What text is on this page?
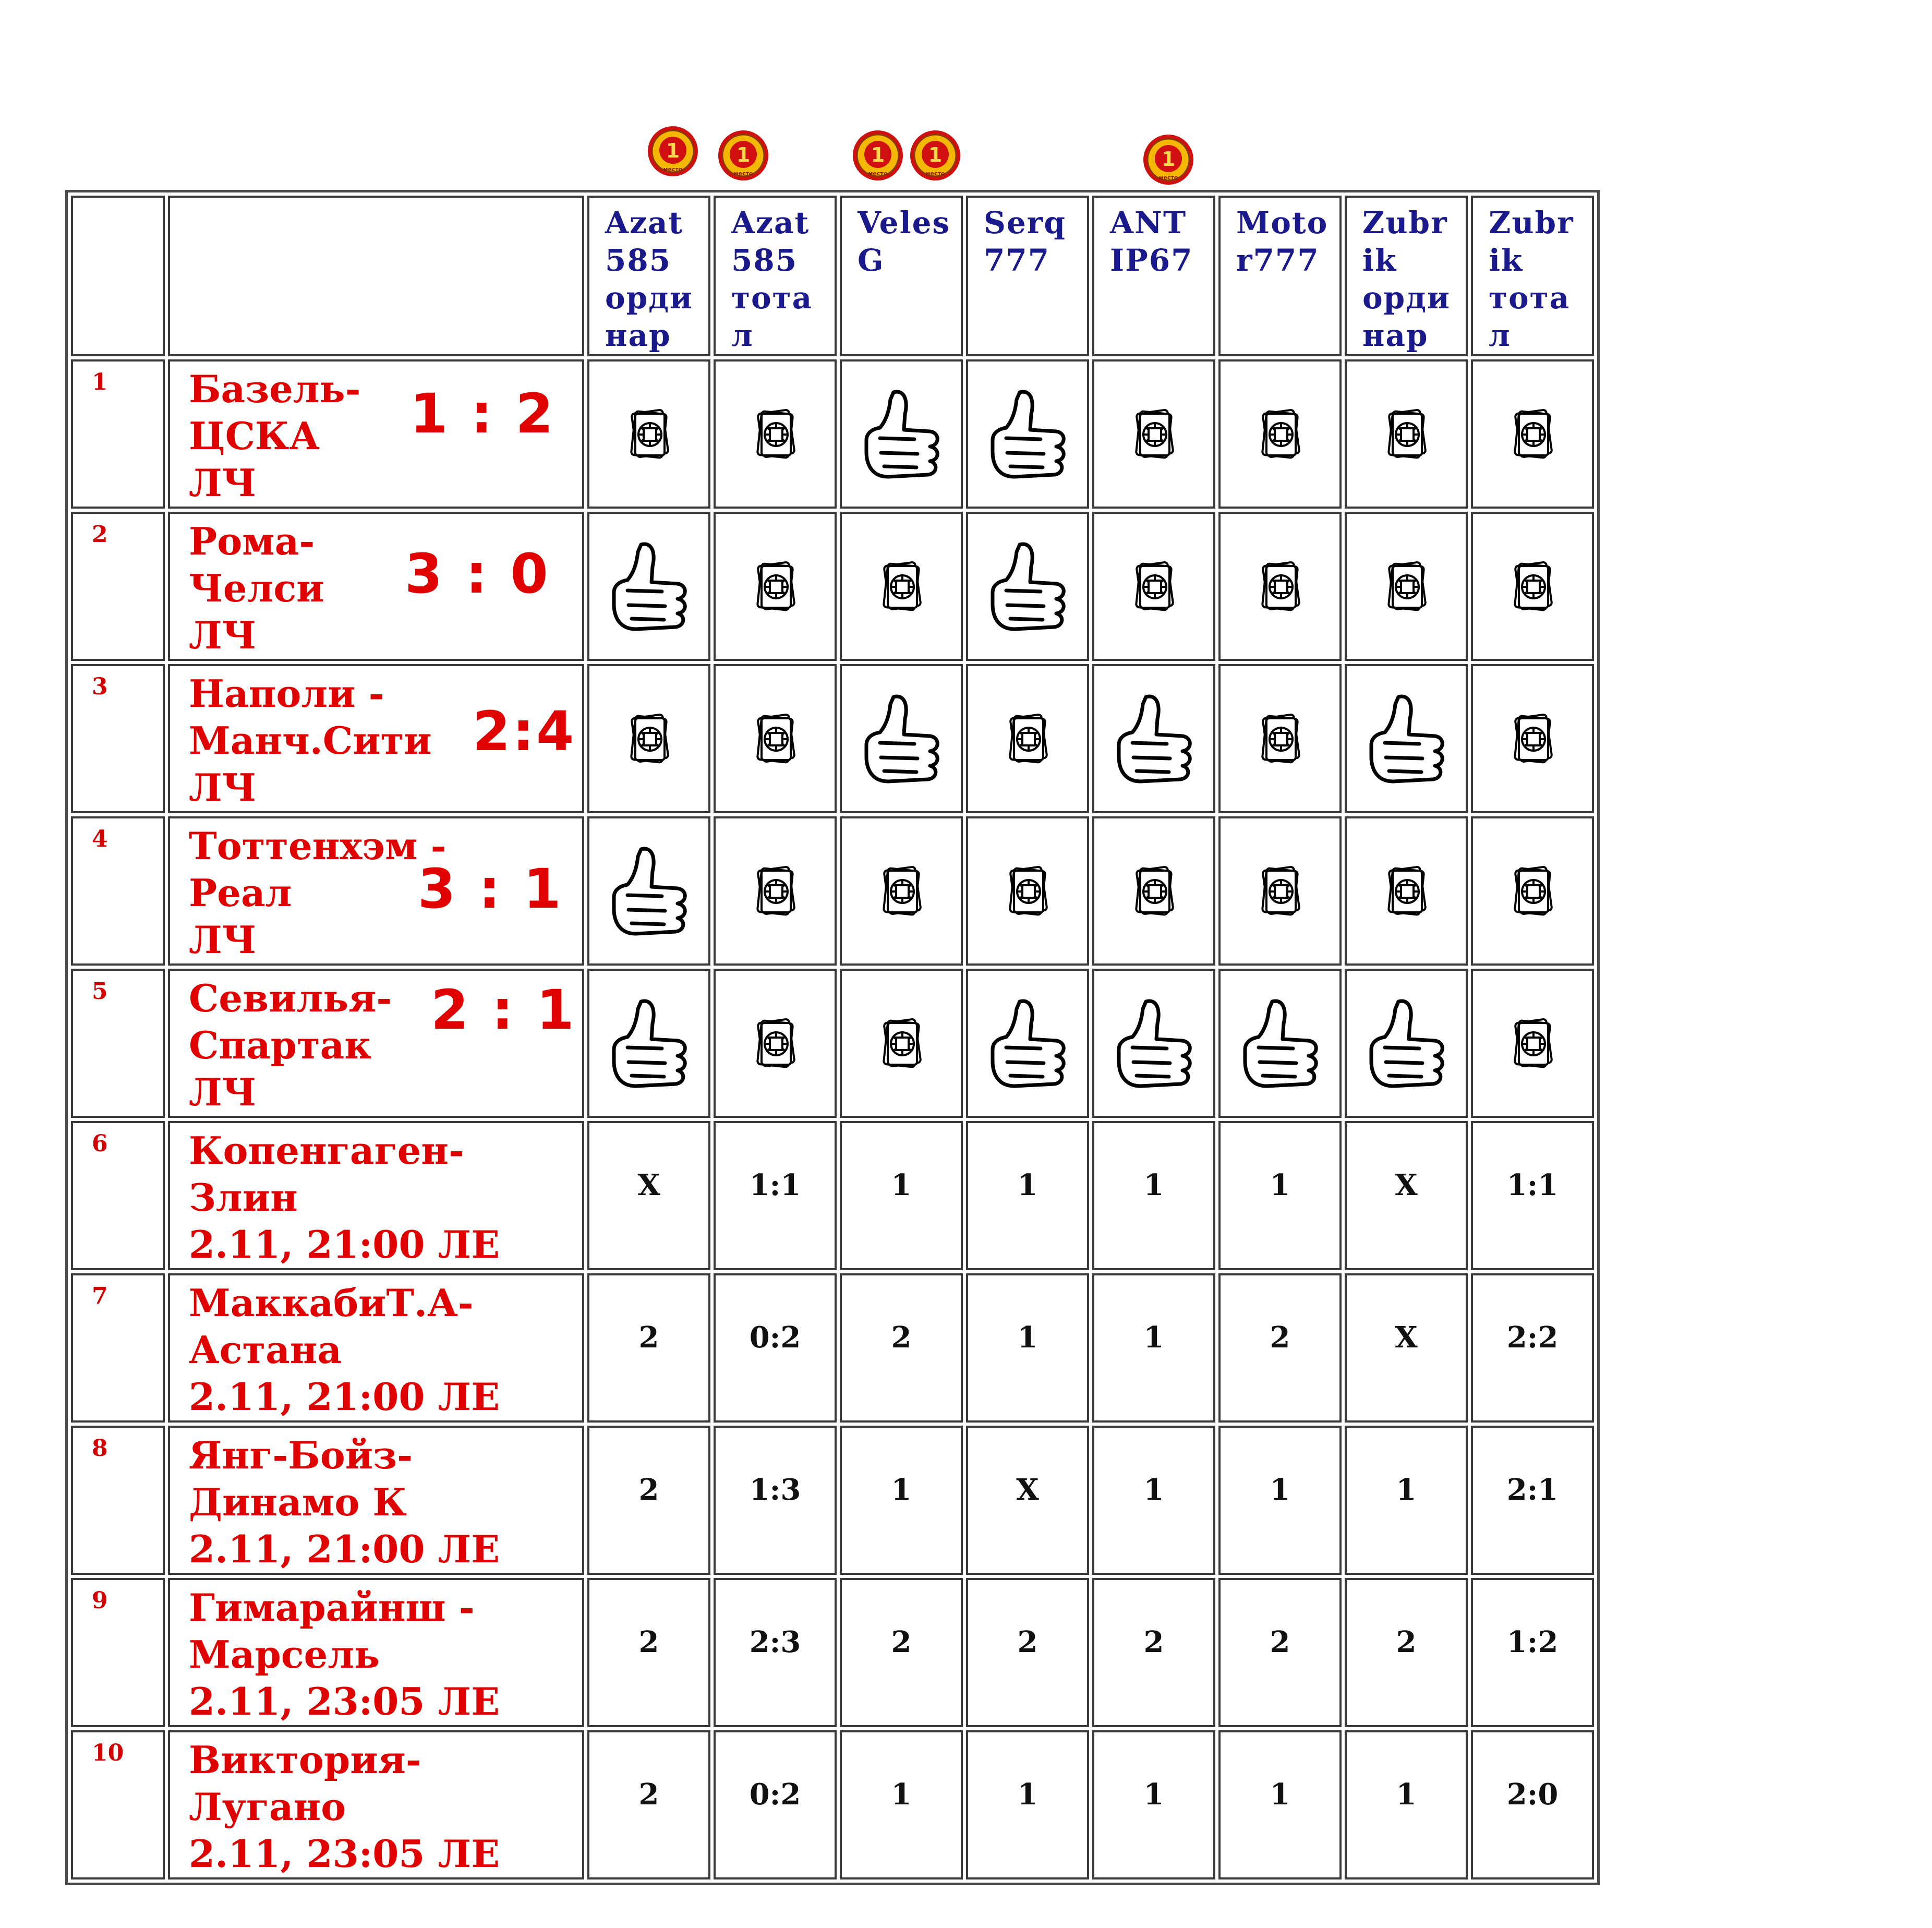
1
место
1
место
1
место
1
место
1
место

		Azat
585
орди
нар	Azat
585
тота
л	Veles
G	Serq
777	ANT
IP67	Moto
r777	Zubr
ik
орди
нар	Zubr
ik
тота
л

1	Базель-
ЦСКА
ЛЧ
1 : 2

2	Рома-
Челси
ЛЧ
3 : 0

3	Наполи -
Манч.Сити
ЛЧ
2:4

4	Тоттенхэм -
Реал
ЛЧ
3 : 1

5	Севилья-
Спартак
ЛЧ
2 : 1

6	Копенгаген-
Злин
2.11, 21:00 ЛЕ	X	1:1	1	1	1	1	X	1:1
7	МаккабиТ.А-
Астана
2.11, 21:00 ЛЕ	2	0:2	2	1	1	2	X	2:2
8	Янг-Бойз-
Динамо К
2.11, 21:00 ЛЕ	2	1:3	1	X	1	1	1	2:1
9	Гимарайнш -
Марсель
2.11, 23:05 ЛЕ	2	2:3	2	2	2	2	2	1:2
10	Виктория-
Лугано
2.11, 23:05 ЛЕ	2	0:2	1	1	1	1	1	2:0
